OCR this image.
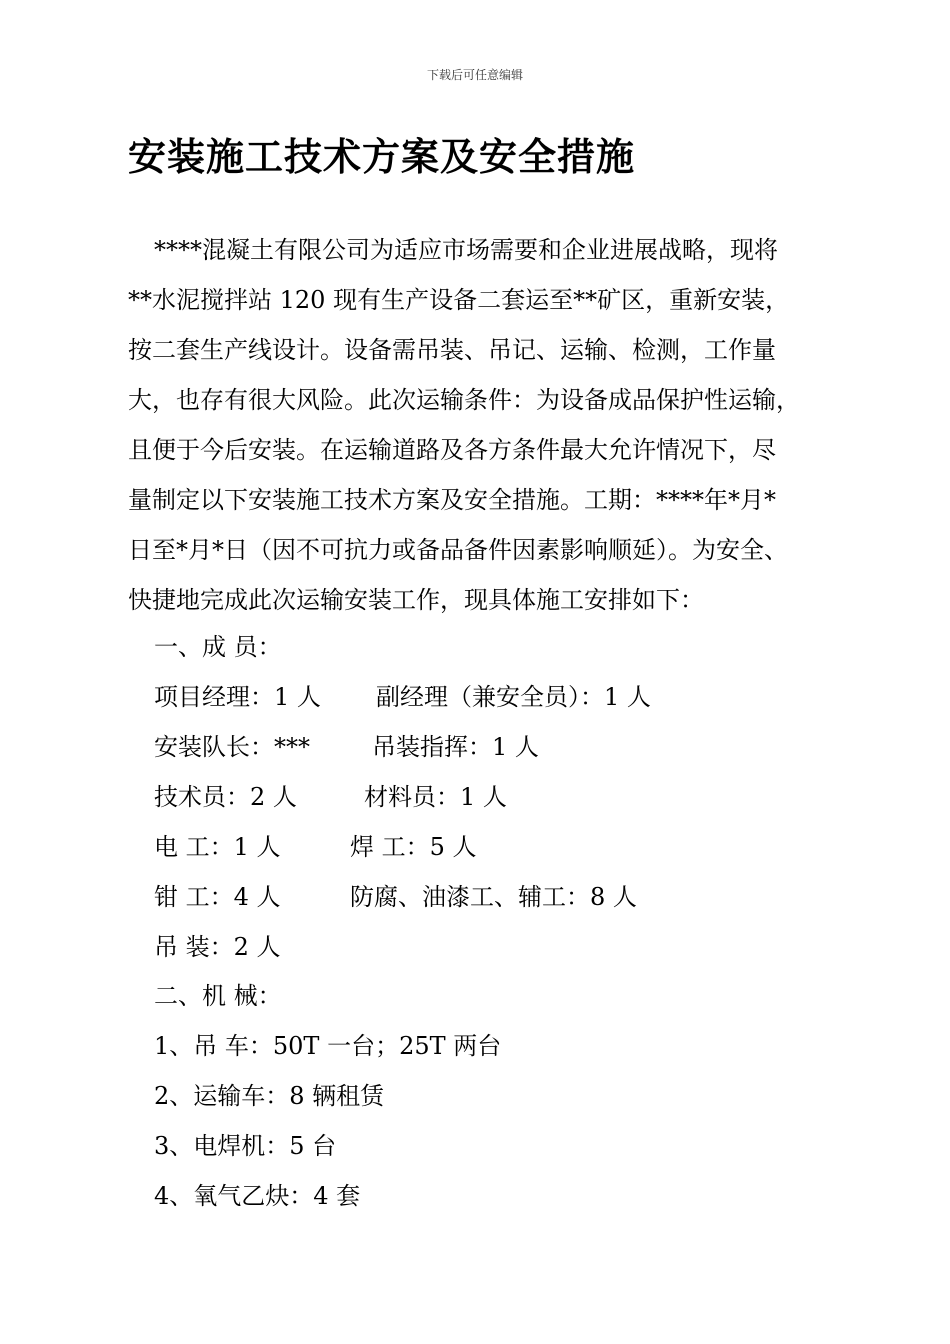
下载后可任意编辑
安装施工技术方案及安全措施

****混凝土有限公司为适应市场需要和企业进展战略，现将
**水泥搅拌站 120 现有生产设备二套运至**矿区，重新安装，
按二套生产线设计。设备需吊装、吊记、运输、检测，工作量
大，也存有很大风险。此次运输条件：为设备成品保护性运输，
且便于今后安装。在运输道路及各方条件最大允许情况下，尽
量制定以下安装施工技术方案及安全措施。工期：****年*月*
日至*月*日（因不可抗力或备品备件因素影响顺延）。为安全、
快捷地完成此次运输安装工作，现具体施工安排如下：

一、成 员：
项目经理：1 人 副经理（兼安全员）：1 人
安装队长：***	吊装指挥：1 人
技术员：2 人	材料员：1 人
电 工：1 人	焊 工：5 人
钳 工：4 人	防腐、油漆工、辅工：8 人
吊 装：2 人
二、机 械：
1、吊 车：50T 一台；25T 两台
2、运输车：8 辆租赁
3、电焊机：5 台
4、氧气乙炔：4 套
